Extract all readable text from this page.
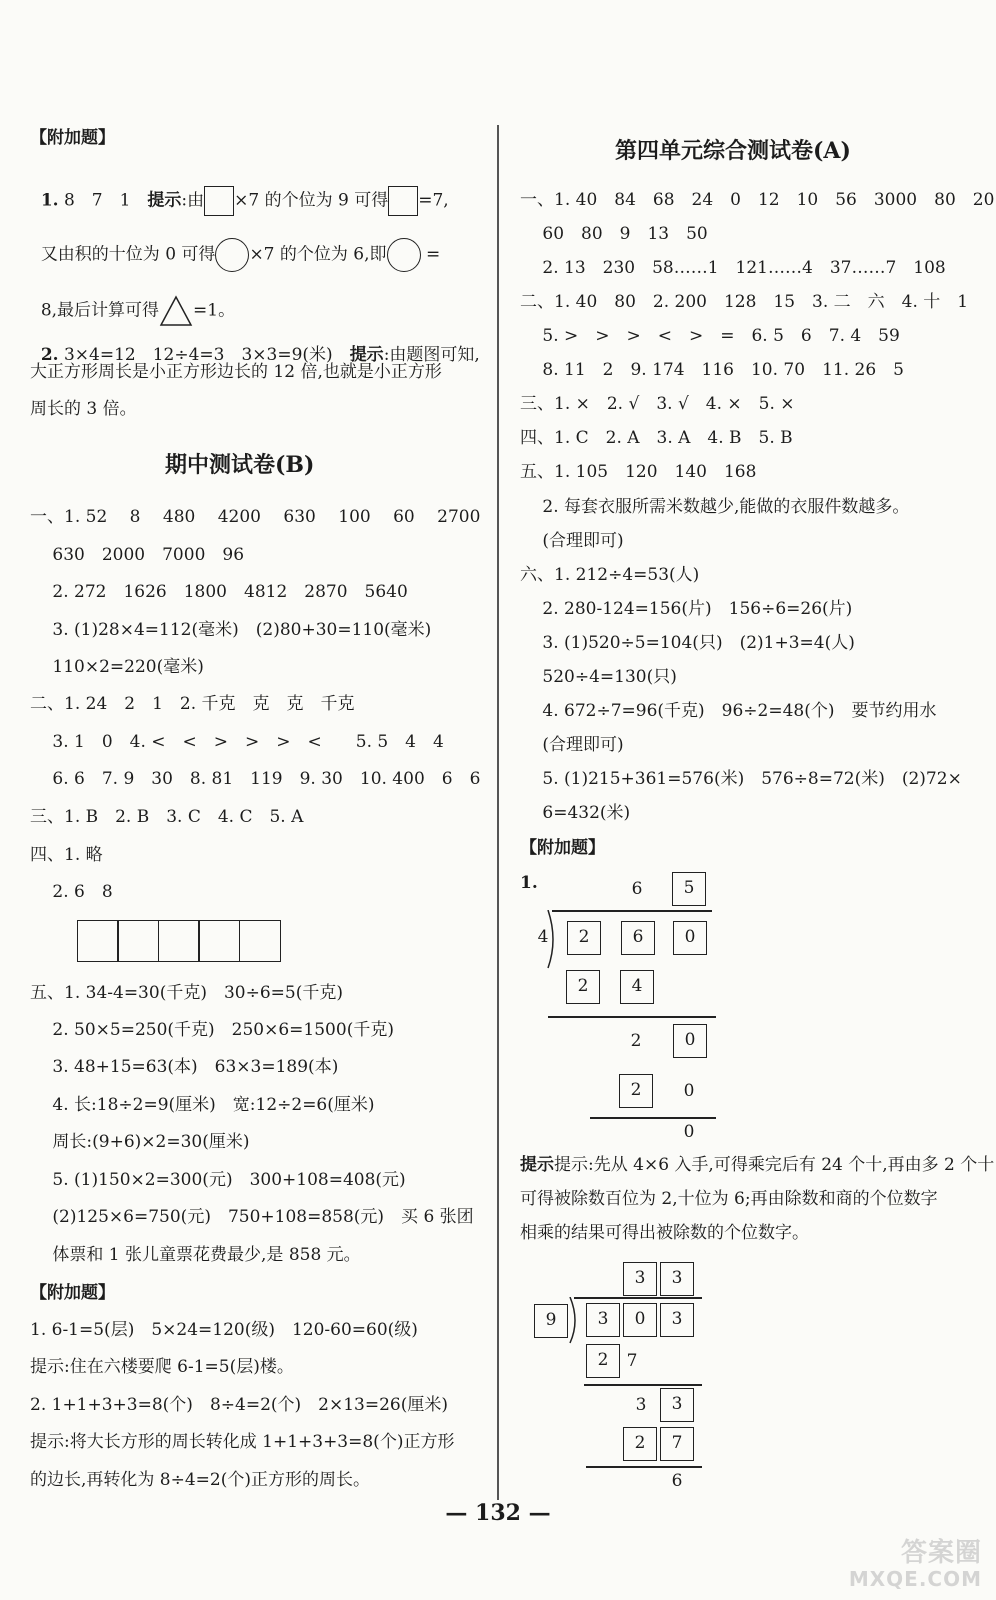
【附加题】

1. 8　7　1　提示:由 ×7 的个位为 9 可得 =7,

又由积的十位为 0 可得 ×7 的个位为 6,即 =

8,最后计算可得 =1。

2. 3×4=12　12÷4=3　3×3=9(米)　提示:由题图可知,

大正方形周长是小正方形边长的 12 倍,也就是小正方形
周长的 3 倍。
期中测试卷(B)
一、1. 52　 8　 480　 4200　 630　 100　 60　 2700
　 630　2000　7000　96
　 2. 272　1626　1800　4812　2870　5640
　 3. (1)28×4=112(毫米)　(2)80+30=110(毫米)
　 110×2=220(毫米)
二、1. 24　2　1　2. 千克　克　克　千克
　 3. 1　0　4. <　<　>　>　>　<　　5. 5　4　4
　 6. 6　7. 9　30　8. 81　119　9. 30　10. 400　6　6
三、1. B　2. B　3. C　4. C　5. A
四、1. 略
　 2. 6　8
五、1. 34-4=30(千克)　30÷6=5(千克)
　 2. 50×5=250(千克)　250×6=1500(千克)
　 3. 48+15=63(本)　63×3=189(本)
　 4. 长:18÷2=9(厘米)　宽:12÷2=6(厘米)
　 周长:(9+6)×2=30(厘米)
　 5. (1)150×2=300(元)　300+108=408(元)
　 (2)125×6=750(元)　750+108=858(元)　买 6 张团
　 体票和 1 张儿童票花费最少,是 858 元。
【附加题】
1. 6-1=5(层)　5×24=120(级)　120-60=60(级)
提示:住在六楼要爬 6-1=5(层)楼。
2. 1+1+3+3=8(个)　8÷4=2(个)　2×13=26(厘米)
提示:将大长方形的周长转化成 1+1+3+3=8(个)正方形
的边长,再转化为 8÷4=2(个)正方形的周长。
第四单元综合测试卷(A)
一、1. 40　84　68　24　0　12　10　56　3000　80　20
　 60　80　9　13　50
　 2. 13　230　58……1　121……4　37……7　108
二、1. 40　80　2. 200　128　15　3. 二　六　4. 十　1
　 5. >　>　>　<　>　=　6. 5　6　7. 4　59
　 8. 11　2　9. 174　116　10. 70　11. 26　5
三、1. ×　2. √　3. √　4. ×　5. ×
四、1. C　2. A　3. A　4. B　5. B
五、1. 105　120　140　168
　 2. 每套衣服所需米数越少,能做的衣服件数越多。
　 (合理即可)
六、1. 212÷4=53(人)
　 2. 280-124=156(片)　156÷6=26(片)
　 3. (1)520÷5=104(只)　(2)1+3=4(人)
　 520÷4=130(只)
　 4. 672÷7=96(千克)　96÷2=48(个)　要节约用水
　 (合理即可)
　 5. (1)215+361=576(米)　576÷8=72(米)　(2)72×
　 6=432(米)
【附加题】
1.	6	5
4	2	6	0
2	4
2	0
2	0
0
提示提示:先从 4×6 入手,可得乘完后有 24 个十,再由多 2 个十
可得被除数百位为 2,十位为 6;再由除数和商的个位数字
相乘的结果可得出被除数的个位数字。
3	3
9	3	0	3
2	7
3	3
2	7
6
— 132 —
答案圈
MXQE.COM
